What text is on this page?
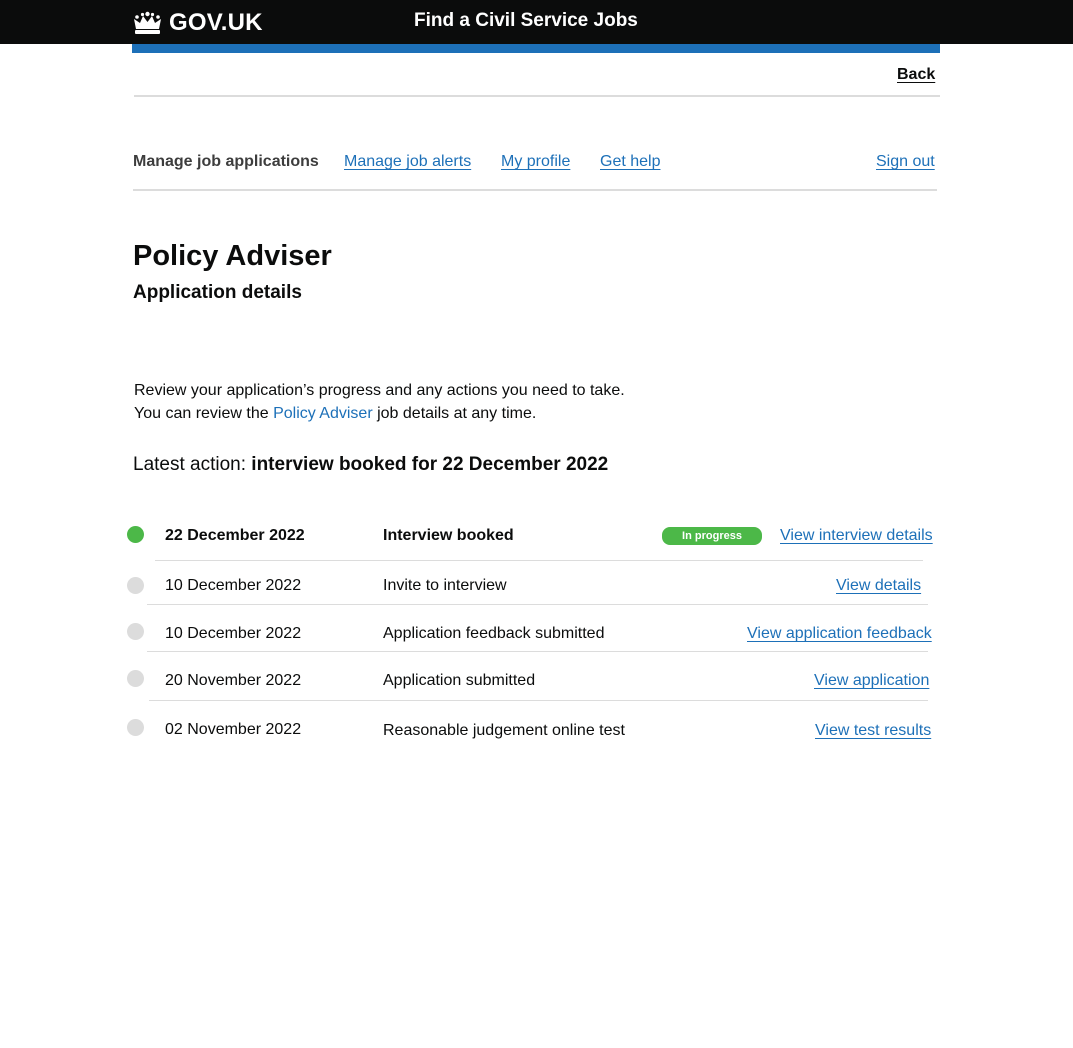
GOV.UK	Find a Civil Service Jobs
Back
Manage job applications Manage job alerts My profile Get help	Sign out
Policy Adviser
Application details
Review your application’s progress and any actions you need to take.
You can review the Policy Adviser job details at any time.
Latest action: interview booked for 22 December 2022
22 December 2022	Interview booked	In progress	View interview details
10 December 2022	Invite to interview	View details
10 December 2022	Application feedback submitted	View application feedback
20 November 2022	Application submitted	View application
02 November 2022	Reasonable judgement online test	View test results
